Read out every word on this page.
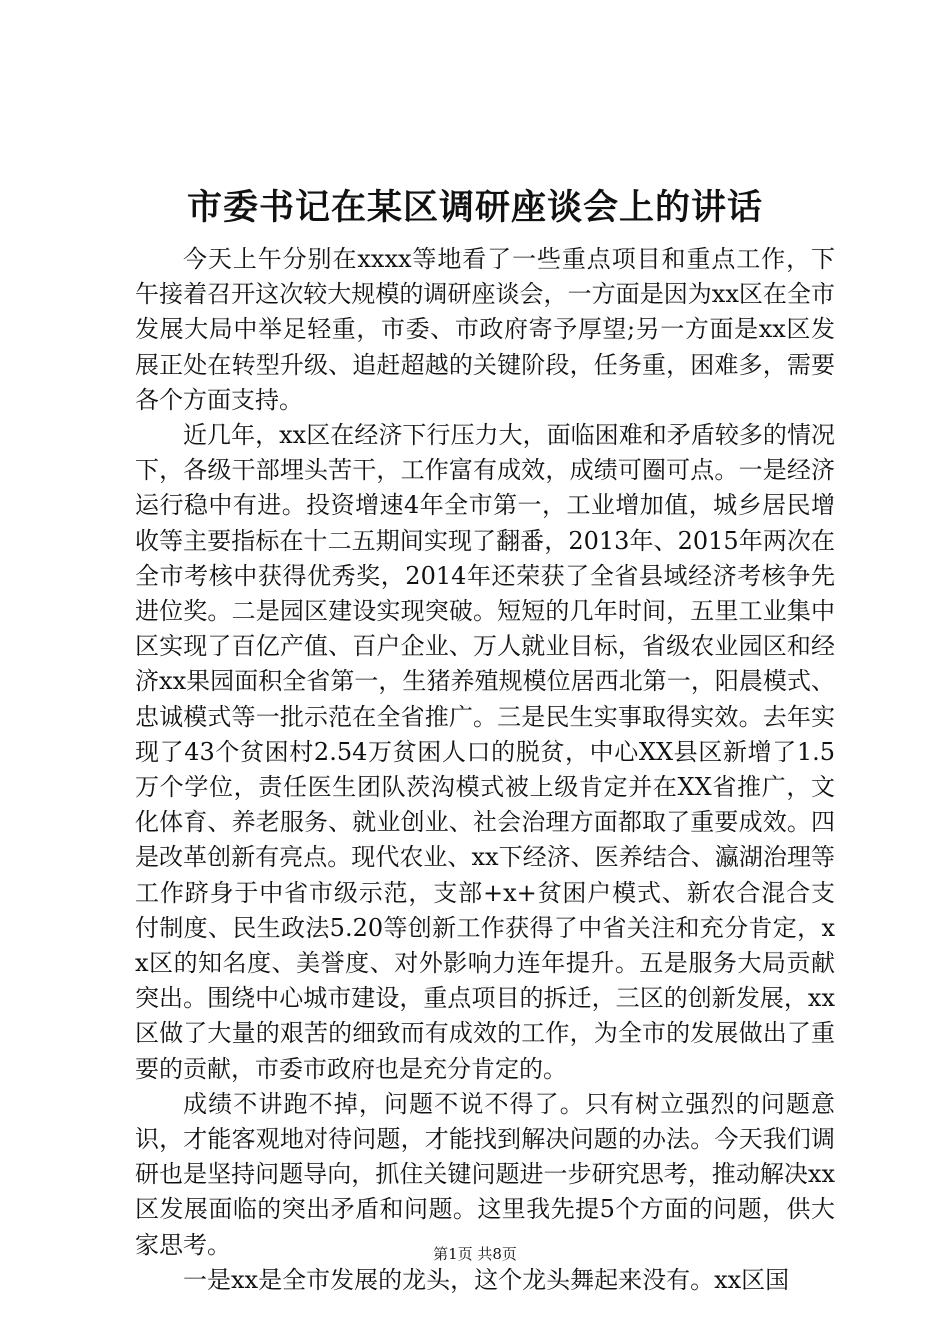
市委书记在某区调研座谈会上的讲话

今天上午分别在xxxx等地看了一些重点项目和重点工作，下午接着召开这次较大规模的调研座谈会，一方面是因为xx区在全市发展大局中举足轻重，市委、市政府寄予厚望;另一方面是xx区发展正处在转型升级、追赶超越的关键阶段，任务重，困难多，需要各个方面支持。

近几年，xx区在经济下行压力大，面临困难和矛盾较多的情况下，各级干部埋头苦干，工作富有成效，成绩可圈可点。一是经济运行稳中有进。投资增速4年全市第一，工业增加值，城乡居民增收等主要指标在十二五期间实现了翻番，2013年、2015年两次在全市考核中获得优秀奖，2014年还荣获了全省县域经济考核争先进位奖。二是园区建设实现突破。短短的几年时间，五里工业集中区实现了百亿产值、百户企业、万人就业目标，省级农业园区和经济xx果园面积全省第一，生猪养殖规模位居西北第一，阳晨模式、忠诚模式等一批示范在全省推广。三是民生实事取得实效。去年实现了43个贫困村2.54万贫困人口的脱贫，中心XX县区新增了1.5万个学位，责任医生团队茨沟模式被上级肯定并在XX省推广，文化体育、养老服务、就业创业、社会治理方面都取了重要成效。四是改革创新有亮点。现代农业、xx下经济、医养结合、瀛湖治理等工作跻身于中省市级示范，支部+x+贫困户模式、新农合混合支付制度、民生政法5.20等创新工作获得了中省关注和充分肯定，xx区的知名度、美誉度、对外影响力连年提升。五是服务大局贡献突出。围绕中心城市建设，重点项目的拆迁，三区的创新发展，xx区做了大量的艰苦的细致而有成效的工作，为全市的发展做出了重要的贡献，市委市政府也是充分肯定的。

成绩不讲跑不掉，问题不说不得了。只有树立强烈的问题意识，才能客观地对待问题，才能找到解决问题的办法。今天我们调研也是坚持问题导向，抓住关键问题进一步研究思考，推动解决xx区发展面临的突出矛盾和问题。这里我先提5个方面的问题，供大家思考。

一是xx是全市发展的龙头，这个龙头舞起来没有。xx区国

第1页 共8页
